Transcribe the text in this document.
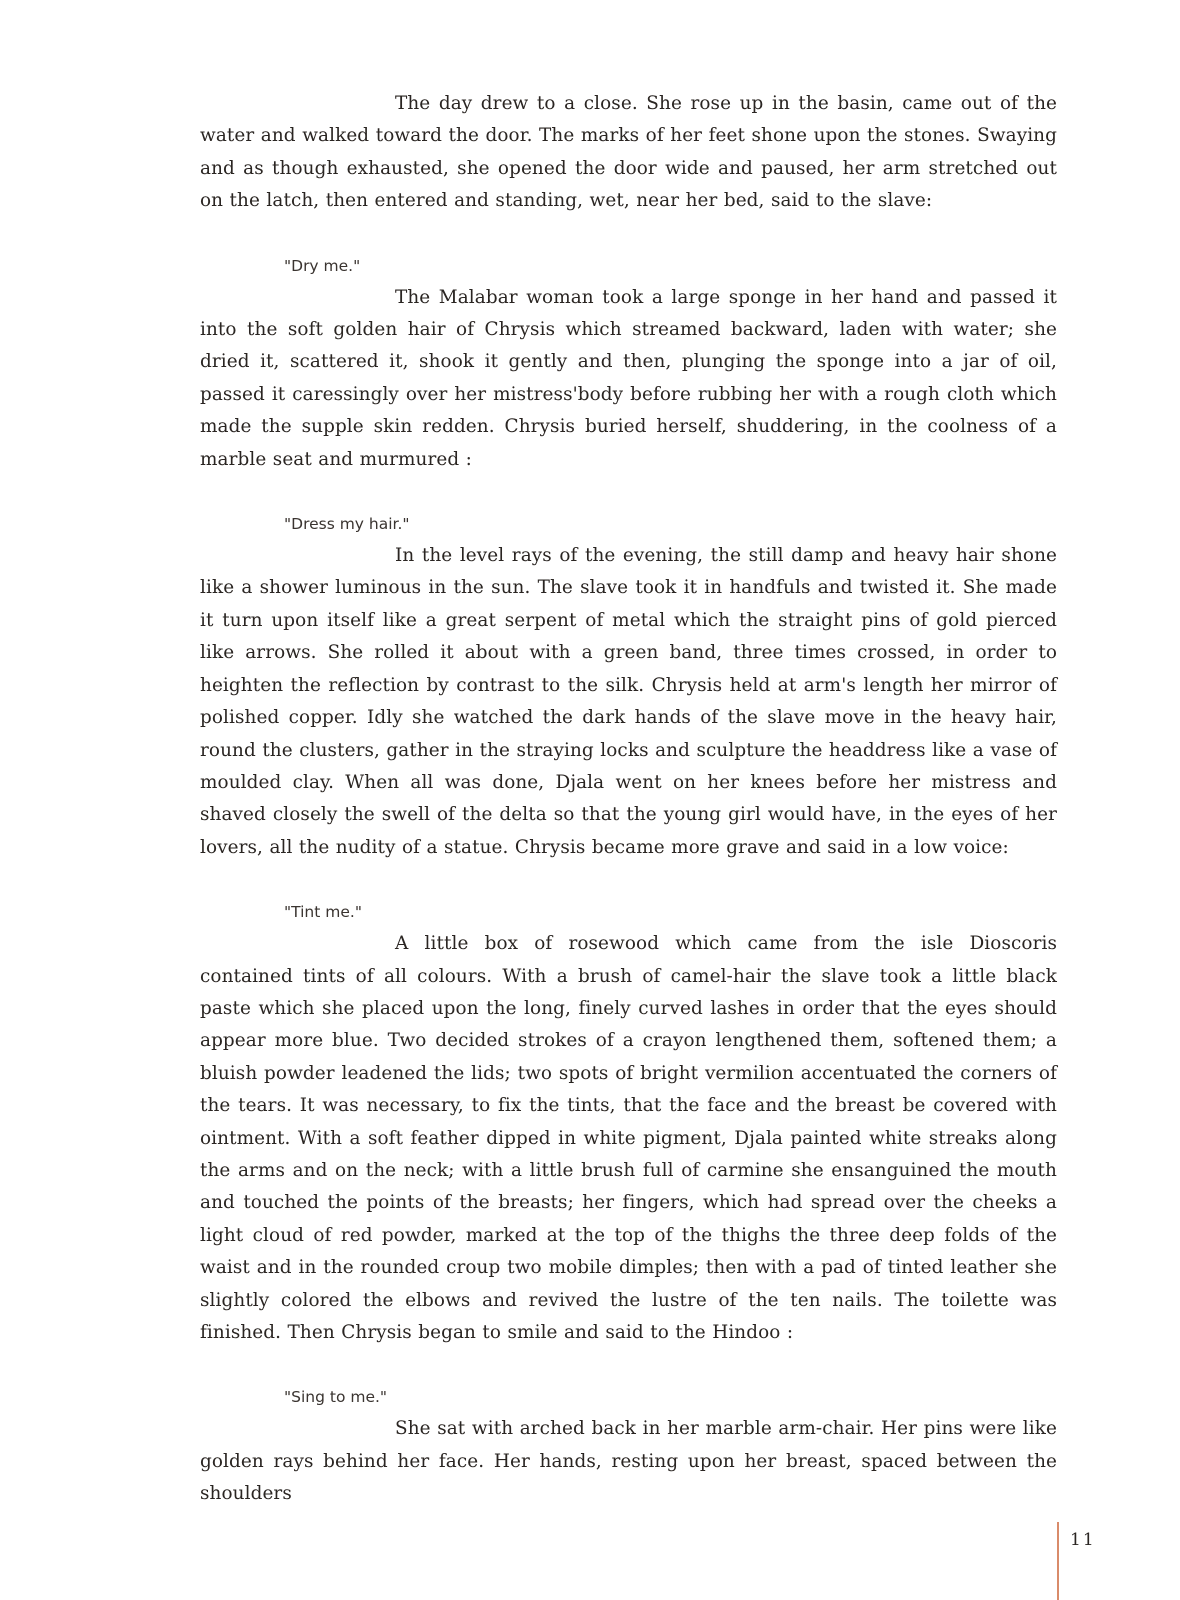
The day drew to a close. She rose up in the basin, came out of the water and walked toward the door. The marks of her feet shone upon the stones. Swaying and as though exhausted, she opened the door wide and paused, her arm stretched out on the latch, then entered and standing, wet, near her bed, said to the slave:

"Dry me."

The Malabar woman took a large sponge in her hand and passed it into the soft golden hair of Chrysis which streamed backward, laden with water; she dried it, scattered it, shook it gently and then, plunging the sponge into a jar of oil, passed it caressingly over her mistress'body before rubbing her with a rough cloth which made the supple skin redden. Chrysis buried herself, shuddering, in the coolness of a marble seat and murmured :

"Dress my hair."

In the level rays of the evening, the still damp and heavy hair shone like a shower luminous in the sun. The slave took it in handfuls and twisted it. She made it turn upon itself like a great serpent of metal which the straight pins of gold pierced like arrows. She rolled it about with a green band, three times crossed, in order to heighten the reflection by contrast to the silk. Chrysis held at arm's length her mirror of polished copper. Idly she watched the dark hands of the slave move in the heavy hair, round the clusters, gather in the straying locks and sculpture the headdress like a vase of moulded clay. When all was done, Djala went on her knees before her mistress and shaved closely the swell of the delta so that the young girl would have, in the eyes of her lovers, all the nudity of a statue. Chrysis became more grave and said in a low voice:

"Tint me."

A little box of rosewood which came from the isle Dioscoris contained tints of all colours. With a brush of camel-hair the slave took a little black paste which she placed upon the long, finely curved lashes in order that the eyes should appear more blue. Two decided strokes of a crayon lengthened them, softened them; a bluish powder leadened the lids; two spots of bright vermilion accentuated the corners of the tears. It was necessary, to fix the tints, that the face and the breast be covered with ointment. With a soft feather dipped in white pigment, Djala painted white streaks along the arms and on the neck; with a little brush full of carmine she ensanguined the mouth and touched the points of the breasts; her fingers, which had spread over the cheeks a light cloud of red powder, marked at the top of the thighs the three deep folds of the waist and in the rounded croup two mobile dimples; then with a pad of tinted leather she slightly colored the elbows and revived the lustre of the ten nails. The toilette was finished. Then Chrysis began to smile and said to the Hindoo :

"Sing to me."

She sat with arched back in her marble arm-chair. Her pins were like golden rays behind her face. Her hands, resting upon her breast, spaced between the shoulders

11
